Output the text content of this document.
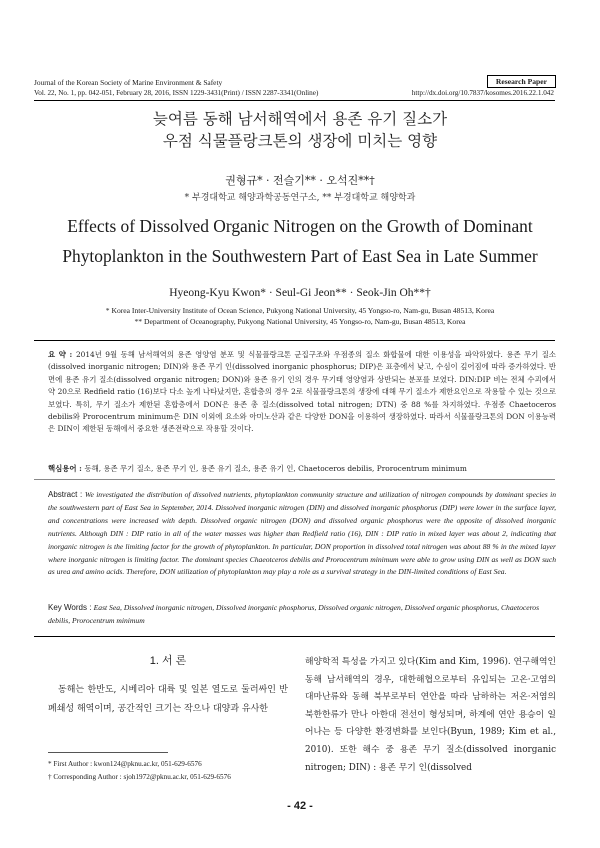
Journal of the Korean Society of Marine Environment & Safety	Research Paper
Vol. 22, No. 1, pp. 042-051, February 28, 2016, ISSN 1229-3431(Print) / ISSN 2287-3341(Online)	http://dx.doi.org/10.7837/kosomes.2016.22.1.042
늦여름 동해 남서해역에서 용존 유기 질소가
우점 식물플랑크톤의 생장에 미치는 영향
권형규* · 전슬기** · 오석진**†
* 부경대학교 해양과학공동연구소, ** 부경대학교 해양학과
Effects of Dissolved Organic Nitrogen on the Growth of Dominant
Phytoplankton in the Southwestern Part of East Sea in Late Summer
Hyeong-Kyu Kwon* · Seul-Gi Jeon** · Seok-Jin Oh**†
* Korea Inter-University Institute of Ocean Science, Pukyong National University, 45 Yongso-ro, Nam-gu, Busan 48513, Korea
** Department of Oceanography, Pukyong National University, 45 Yongso-ro, Nam-gu, Busan 48513, Korea
요 약 : 2014년 9월 동해 남서해역의 용존 영양염 분포 및 식물플랑크톤 군집구조와 우점종의 질소 화합물에 대한 이용성을 파악하였다. 용존 무기 질소(dissolved inorganic nitrogen; DIN)와 용존 무기 인(dissolved inorganic phosphorus; DIP)은 표층에서 낮고, 수심이 깊어짐에 따라 증가하였다. 반면에 용존 유기 질소(dissolved organic nitrogen; DON)와 용존 유기 인의 경우 무기태 영양염과 상반되는 분포를 보였다. DIN:DIP 비는 전체 수괴에서 약 20으로 Redfield ratio (16)보다 다소 높게 나타났지만, 혼합층의 경우 2로 식물플랑크톤의 생장에 대해 무기 질소가 제한요인으로 작용할 수 있는 것으로 보였다. 특히, 무기 질소가 제한된 혼합층에서 DON은 용존 총 질소(dissolved total nitrogen; DTN) 중 88 %를 차지하였다. 우점종 Chaetoceros debilis와 Prorocentrum minimum은 DIN 이외에 요소와 아미노산과 같은 다양한 DON을 이용하여 생장하였다. 따라서 식물플랑크톤의 DON 이용능력은 DIN이 제한된 동해에서 중요한 생존전략으로 작용할 것이다.
핵심용어 : 동해, 용존 무기 질소, 용존 무기 인, 용존 유기 질소, 용존 유기 인, Chaetoceros debilis, Prorocentrum minimum
Abstract : We investigated the distribution of dissolved nutrients, phytoplankton community structure and utilization of nitrogen compounds by dominant species in the southwestern part of East Sea in September, 2014. Dissolved inorganic nitrogen (DIN) and dissolved inorganic phosphorus (DIP) were lower in the surface layer, and concentrations were increased with depth. Dissolved organic nitrogen (DON) and dissolved organic phosphorus were the opposite of dissolved inorganic nutrients. Although DIN : DIP ratio in all of the water masses was higher than Redfield ratio (16), DIN : DIP ratio in mixed layer was about 2, indicating that inorganic nitrogen is the limiting factor for the growth of phytoplankton. In particular, DON proportion in dissolved total nitrogen was about 88 % in the mixed layer where inorganic nitrogen is limiting factor. The dominant species Chaeotceros debilis and Prorocentrum minimum were able to grow using DIN as well as DON such as urea and amino acids. Therefore, DON utilization of phytoplankton may play a role as a survival strategy in the DIN-limited conditions of East Sea.
Key Words : East Sea, Dissolved inorganic nitrogen, Dissolved inorganic phosphorus, Dissolved organic nitrogen, Dissolved organic phosphorus, Chaetoceros debilis, Prorocentrum minimum
1. 서 론
동해는 한반도, 시베리아 대륙 및 일본 열도로 둘러싸인 반폐쇄성 해역이며, 공간적인 크기는 작으나 대양과 유사한
해양학적 특성을 가지고 있다(Kim and Kim, 1996). 연구해역인 동해 남서해역의 경우, 대한해협으로부터 유입되는 고온·고염의 대마난류와 동해 북부로부터 연안을 따라 남하하는 저온·저염의 북한한류가 만나 아한대 전선이 형성되며, 하계에 연안 용승이 일어나는 등 다양한 환경변화를 보인다(Byun, 1989; Kim et al., 2010). 또한 해수 중 용존 무기 질소(dissolved inorganic nitrogen; DIN) : 용존 무기 인(dissolved
* First Author : kwon124@pknu.ac.kr, 051-629-6576
† Corresponding Author : sjoh1972@pknu.ac.kr, 051-629-6576
- 42 -
